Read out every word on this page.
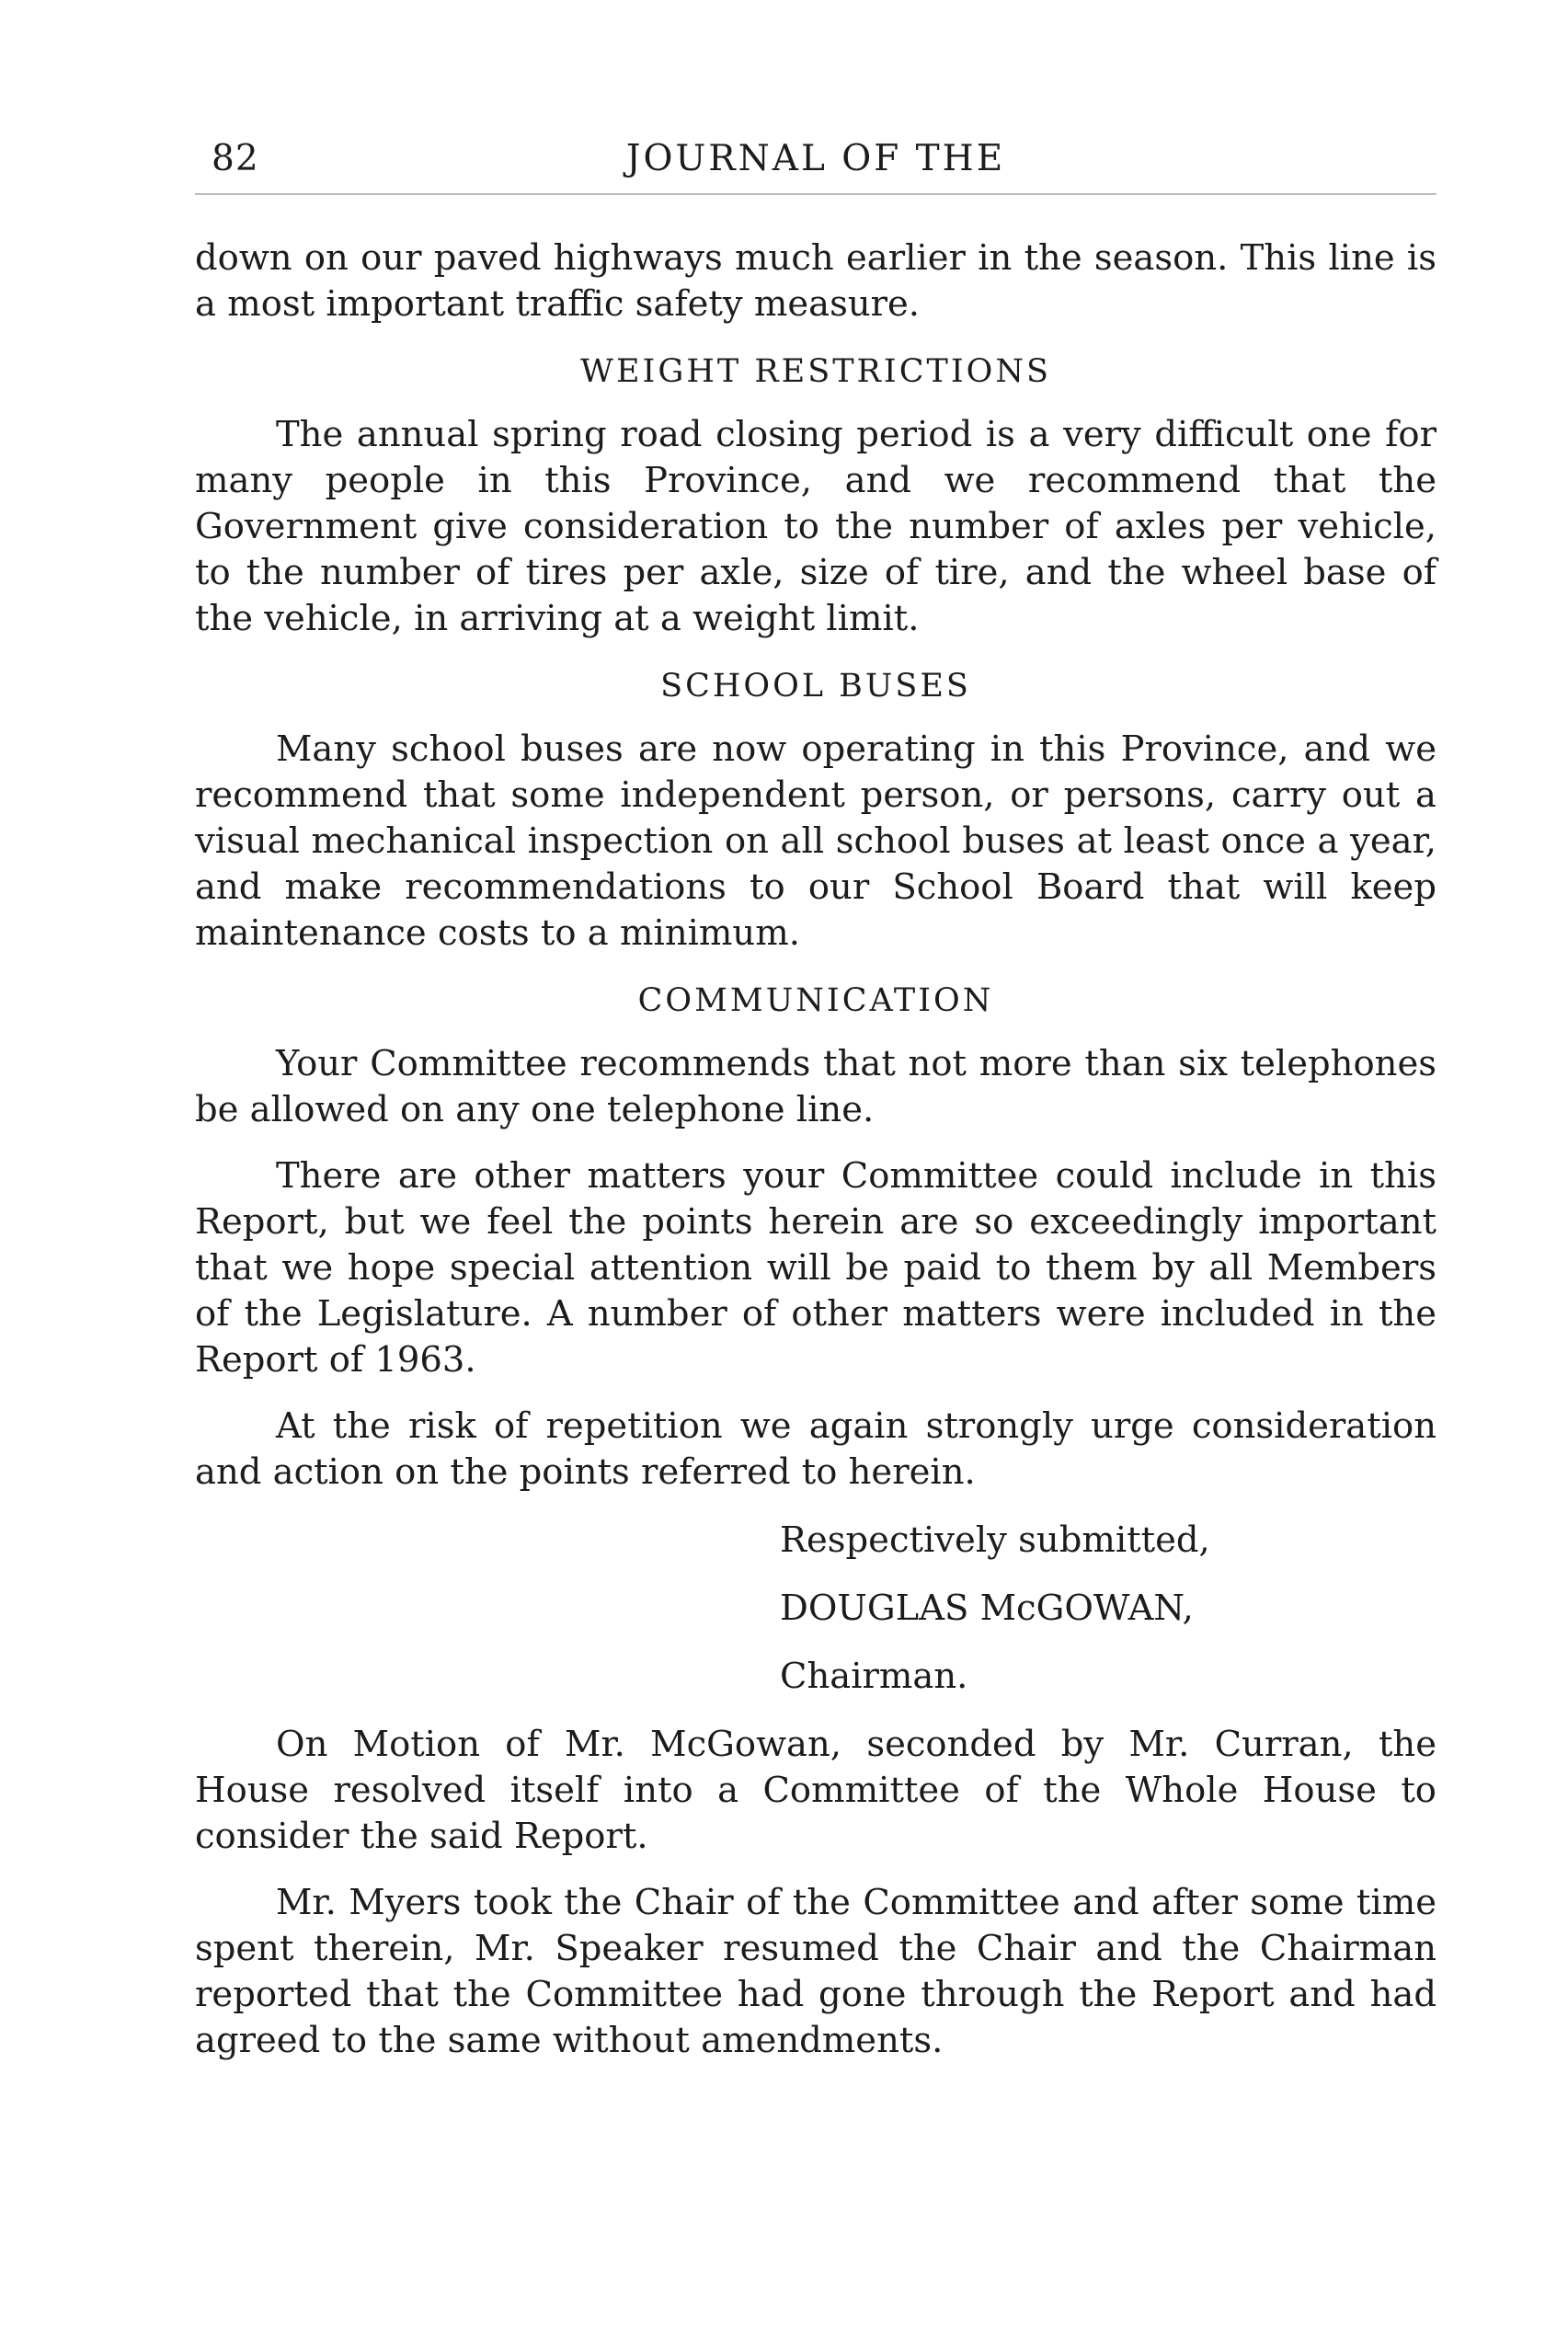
82	JOURNAL OF THE

down on our paved highways much earlier in the season. This line is a most important traffic safety measure.

WEIGHT RESTRICTIONS

The annual spring road closing period is a very difficult one for many people in this Province, and we recommend that the Government give consideration to the number of axles per vehicle, to the number of tires per axle, size of tire, and the wheel base of the vehicle, in arriving at a weight limit.

SCHOOL BUSES

Many school buses are now operating in this Province, and we recommend that some independent person, or persons, carry out a visual mechanical inspection on all school buses at least once a year, and make recommendations to our School Board that will keep maintenance costs to a minimum.

COMMUNICATION

Your Committee recommends that not more than six telephones be allowed on any one telephone line.

There are other matters your Committee could include in this Report, but we feel the points herein are so exceedingly important that we hope special attention will be paid to them by all Members of the Legislature. A number of other matters were included in the Report of 1963.

At the risk of repetition we again strongly urge consideration and action on the points referred to herein.

Respectively submitted,
DOUGLAS McGOWAN,
Chairman.

On Motion of Mr. McGowan, seconded by Mr. Curran, the House resolved itself into a Committee of the Whole House to consider the said Report.

Mr. Myers took the Chair of the Committee and after some time spent therein, Mr. Speaker resumed the Chair and the Chairman reported that the Committee had gone through the Report and had agreed to the same without amendments.
